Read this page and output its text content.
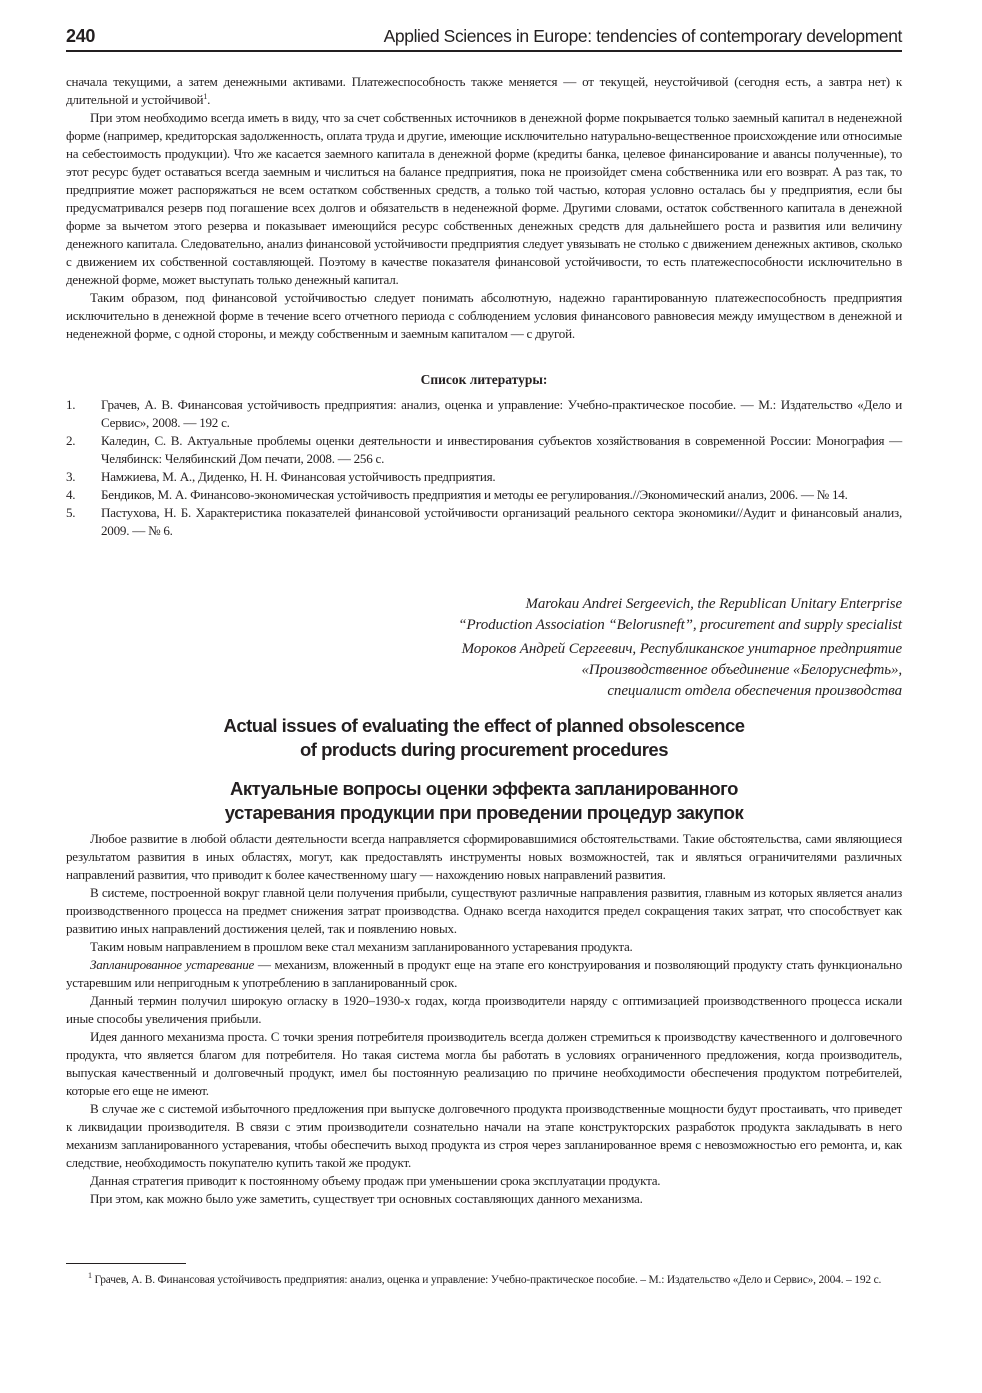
240	Applied Sciences in Europe: tendencies of contemporary development

сначала текущими, а затем денежными активами. Платежеспособность также меняется — от текущей, неустойчивой (сегодня есть, а завтра нет) к длительной и устойчивой$^1$.

При этом необходимо всегда иметь в виду, что за счет собственных источников в денежной форме покрывается только заемный капитал в неденежной форме (например, кредиторская задолженность, оплата труда и другие, имеющие исключительно натурально-вещественное происхождение или относимые на себестоимость продукции). Что же касается заемного капитала в денежной форме (кредиты банка, целевое финансирование и авансы полученные), то этот ресурс будет оставаться всегда заемным и числиться на балансе предприятия, пока не произойдет смена собственника или его возврат. А раз так, то предприятие может распоряжаться не всем остатком собственных средств, а только той частью, которая условно осталась бы у предприятия, если бы предусматривался резерв под погашение всех долгов и обязательств в неденежной форме. Другими словами, остаток собственного капитала в денежной форме за вычетом этого резерва и показывает имеющийся ресурс собственных денежных средств для дальнейшего роста и развития или величину денежного капитала. Следовательно, анализ финансовой устойчивости предприятия следует увязывать не столько с движением денежных активов, сколько с движением их собственной составляющей. Поэтому в качестве показателя финансовой устойчивости, то есть платежеспособности исключительно в денежной форме, может выступать только денежный капитал.

Таким образом, под финансовой устойчивостью следует понимать абсолютную, надежно гарантированную платежеспособность предприятия исключительно в денежной форме в течение всего отчетного периода с соблюдением условия финансового равновесия между имуществом в денежной и неденежной форме, с одной стороны, и между собственным и заемным капиталом — с другой.

Список литературы:
1. Грачев, А. В. Финансовая устойчивость предприятия: анализ, оценка и управление: Учебно-практическое пособие. — М.: Издательство «Дело и Сервис», 2008. — 192 с.
2. Каледин, С. В. Актуальные проблемы оценки деятельности и инвестирования субъектов хозяйствования в современной России: Монография — Челябинск: Челябинский Дом печати, 2008. — 256 с.
3. Намжиева, М. А., Диденко, Н. Н. Финансовая устойчивость предприятия.
4. Бендиков, М. А. Финансово-экономическая устойчивость предприятия и методы ее регулирования.//Экономический анализ, 2006. — № 14.
5. Пастухова, Н. Б. Характеристика показателей финансовой устойчивости организаций реального сектора экономики//Аудит и финансовый анализ, 2009. — № 6.
Marokau Andrei Sergeevich, the Republican Unitary Enterprise
“Production Association “Belorusneft”, procurement and supply specialist
Мороков Андрей Сергеевич, Республиканское унитарное предприятие
«Производственное объединение «Белоруснефть»,
специалист отдела обеспечения производства
Actual issues of evaluating the effect of planned obsolescence
of products during procurement procedures
Актуальные вопросы оценки эффекта запланированного
устаревания продукции при проведении процедур закупок

Любое развитие в любой области деятельности всегда направляется сформировавшимися обстоятельствами. Такие обстоятельства, сами являющиеся результатом развития в иных областях, могут, как предоставлять инструменты новых возможностей, так и являться ограничителями различных направлений развития, что приводит к более качественному шагу — нахождению новых направлений развития.

В системе, построенной вокруг главной цели получения прибыли, существуют различные направления развития, главным из которых является анализ производственного процесса на предмет снижения затрат производства. Однако всегда находится предел сокращения таких затрат, что способствует как развитию иных направлений достижения целей, так и появлению новых.

Таким новым направлением в прошлом веке стал механизм запланированного устаревания продукта.

Запланированное устаревание — механизм, вложенный в продукт еще на этапе его конструирования и позволяющий продукту стать функционально устаревшим или непригодным к употреблению в запланированный срок.

Данный термин получил широкую огласку в 1920–1930-х годах, когда производители наряду с оптимизацией производственного процесса искали иные способы увеличения прибыли.

Идея данного механизма проста. С точки зрения потребителя производитель всегда должен стремиться к производству качественного и долговечного продукта, что является благом для потребителя. Но такая система могла бы работать в условиях ограниченного предложения, когда производитель, выпуская качественный и долговечный продукт, имел бы постоянную реализацию по причине необходимости обеспечения продуктом потребителей, которые его еще не имеют.

В случае же с системой избыточного предложения при выпуске долговечного продукта производственные мощности будут простаивать, что приведет к ликвидации производителя. В связи с этим производители сознательно начали на этапе конструкторских разработок продукта закладывать в него механизм запланированного устаревания, чтобы обеспечить выход продукта из строя через запланированное время с невозможностью его ремонта, и, как следствие, необходимость покупателю купить такой же продукт.

Данная стратегия приводит к постоянному объему продаж при уменьшении срока эксплуатации продукта.

При этом, как можно было уже заметить, существует три основных составляющих данного механизма.

$^1$ Грачев, А. В. Финансовая устойчивость предприятия: анализ, оценка и управление: Учебно-практическое пособие. – М.: Издательство «Дело и Сервис», 2004. – 192 с.
